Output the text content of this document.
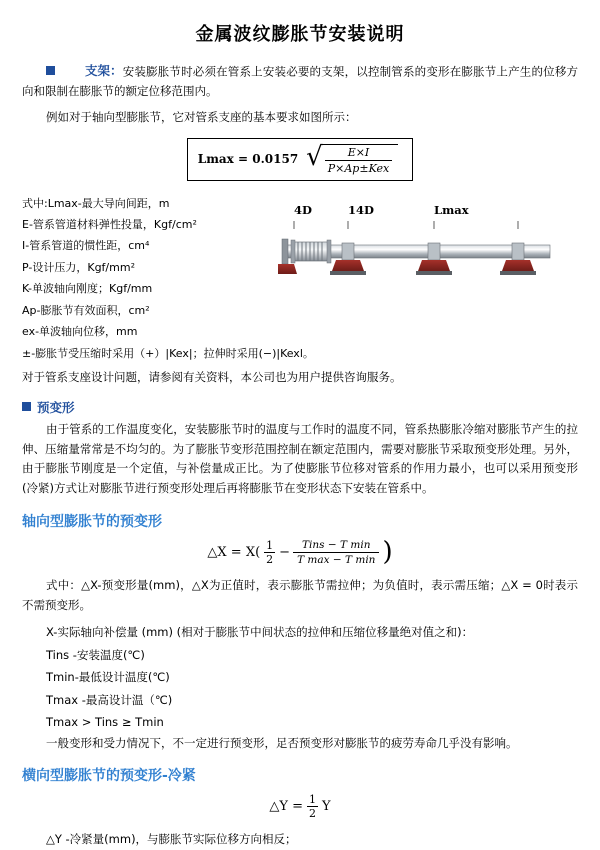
金属波纹膨胀节安装说明

支架： 安装膨胀节时必须在管系上安装必要的支架，以控制管系的变形在膨胀节上产生的位移方向和限制在膨胀节的额定位移范围内。

例如对于轴向型膨胀节，它对管系支座的基本要求如图所示：

Lmax = 0.0157 √ $\frac{E\times I}{\text{P×Ap±Kex}}$
式中:Lmax-最大导向间距，m
E-管系管道材料弹性投量，Kgf/cm²
I-管系管道的惯性距，cm⁴
P-设计压力，Kgf/mm²
K-单波轴向刚度；Kgf/mm
Ap-膨胀节有效面积，cm²
ex-单波轴向位移，mm
±-膨胀节受压缩时采用（+）|Kex|；拉伸时采用(−)|Kexl。
4D	14D	Lmax

对于管系支座设计问题，请参阅有关资料，本公司也为用户提供咨询服务。

预变形

由于管系的工作温度变化，安装膨胀节时的温度与工作时的温度不同，管系热膨胀冷缩对膨胀节产生的拉伸、压缩量常常是不均匀的。为了膨胀节变形范围控制在额定范围内，需要对膨胀节采取预变形处理。另外，由于膨胀节刚度是一个定值，与补偿量成正比。为了使膨胀节位移对管系的作用力最小，也可以采用预变形(冷紧)方式让对膨胀节进行预变形处理后再将膨胀节在变形状态下安装在管系中。

轴向型膨胀节的预变形
△X = $X( \frac{1}{2} - \frac{\text{Tins − T min}}{\text{T max − T min}}$ )

式中：△X-预变形量(mm)，△X为正值时，表示膨胀节需拉伸；为负值时，表示需压缩；△X = 0时表示不需预变形。

X-实际轴向补偿量 (mm) (相对于膨胀节中间状态的拉伸和压缩位移量绝对值之和)：
Tins -安装温度(℃)
Tmin-最低设计温度(℃)
Tmax -最高设计温（℃)
Tmax > Tins ≥ Tmin

一般变形和受力情况下，不一定进行预变形，足否预变形对膨胀节的疲劳寿命几乎没有影响。

横向型膨胀节的预变形-冷紧
△Y = $\frac{1}{2}$ Y

△Y -冷紧量(mm)，与膨胀节实际位移方向相反；
